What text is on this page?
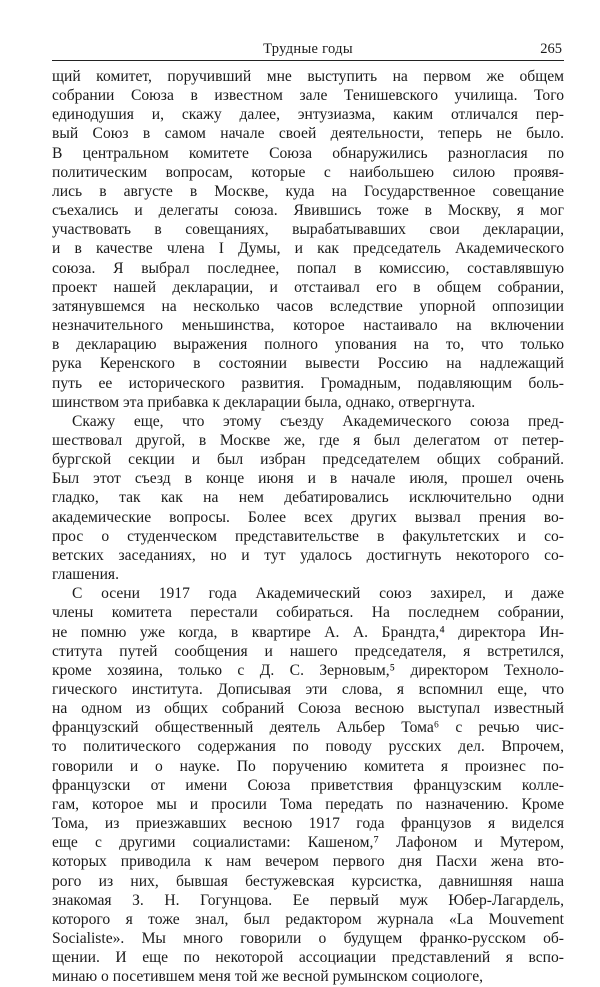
Трудные годы	265

щий комитет, поручивший мне выступить на первом же общем
собрании Союза в известном зале Тенишевского училища. Того
единодушия и, скажу далее, энтузиазма, каким отличался пер-
вый Союз в самом начале своей деятельности, теперь не было.
В центральном комитете Союза обнаружились разногласия по
политическим вопросам, которые с наибольшею силою проявя-
лись в августе в Москве, куда на Государственное совещание
съехались и делегаты союза. Явившись тоже в Москву, я мог
участвовать в совещаниях, вырабатывавших свои декларации,
и в качестве члена I Думы, и как председатель Академического
союза. Я выбрал последнее, попал в комиссию, составлявшую
проект нашей декларации, и отстаивал его в общем собрании,
затянувшемся на несколько часов вследствие упорной оппозиции
незначительного меньшинства, которое настаивало на включении
в декларацию выражения полного упования на то, что только
рука Керенского в состоянии вывести Россию на надлежащий
путь ее исторического развития. Громадным, подавляющим боль-
шинством эта прибавка к декларации была, однако, отвергнута.

Скажу еще, что этому съезду Академического союза пред-
шествовал другой, в Москве же, где я был делегатом от петер-
бургской секции и был избран председателем общих собраний.
Был этот съезд в конце июня и в начале июля, прошел очень
гладко, так как на нем дебатировались исключительно одни
академические вопросы. Более всех других вызвал прения во-
прос о студенческом представительстве в факультетских и со-
ветских заседаниях, но и тут удалось достигнуть некоторого со-
глашения.

С осени 1917 года Академический союз захирел, и даже
члены комитета перестали собираться. На последнем собрании,
не помню уже когда, в квартире А. А. Брандта,⁴ директора Ин-
ститута путей сообщения и нашего председателя, я встретился,
кроме хозяина, только с Д. С. Зерновым,⁵ директором Техноло-
гического института. Дописывая эти слова, я вспомнил еще, что
на одном из общих собраний Союза весною выступал известный
французский общественный деятель Альбер Тома⁶ с речью чис-
то политического содержания по поводу русских дел. Впрочем,
говорили и о науке. По поручению комитета я произнес по-
французски от имени Союза приветствия французским колле-
гам, которое мы и просили Тома передать по назначению. Кроме
Тома, из приезжавших весною 1917 года французов я виделся
еще с другими социалистами: Кашеном,⁷ Лафоном и Мутером,
которых приводила к нам вечером первого дня Пасхи жена вто-
рого из них, бывшая бестужевская курсистка, давнишняя наша
знакомая З. Н. Гогунцова. Ее первый муж Юбер-Лагардель,
которого я тоже знал, был редактором журнала «La Mouvement
Socialiste». Мы много говорили о будущем франко-русском об-
щении. И еще по некоторой ассоциации представлений я вспо-
минаю о посетившем меня той же весной румынском социологе,
